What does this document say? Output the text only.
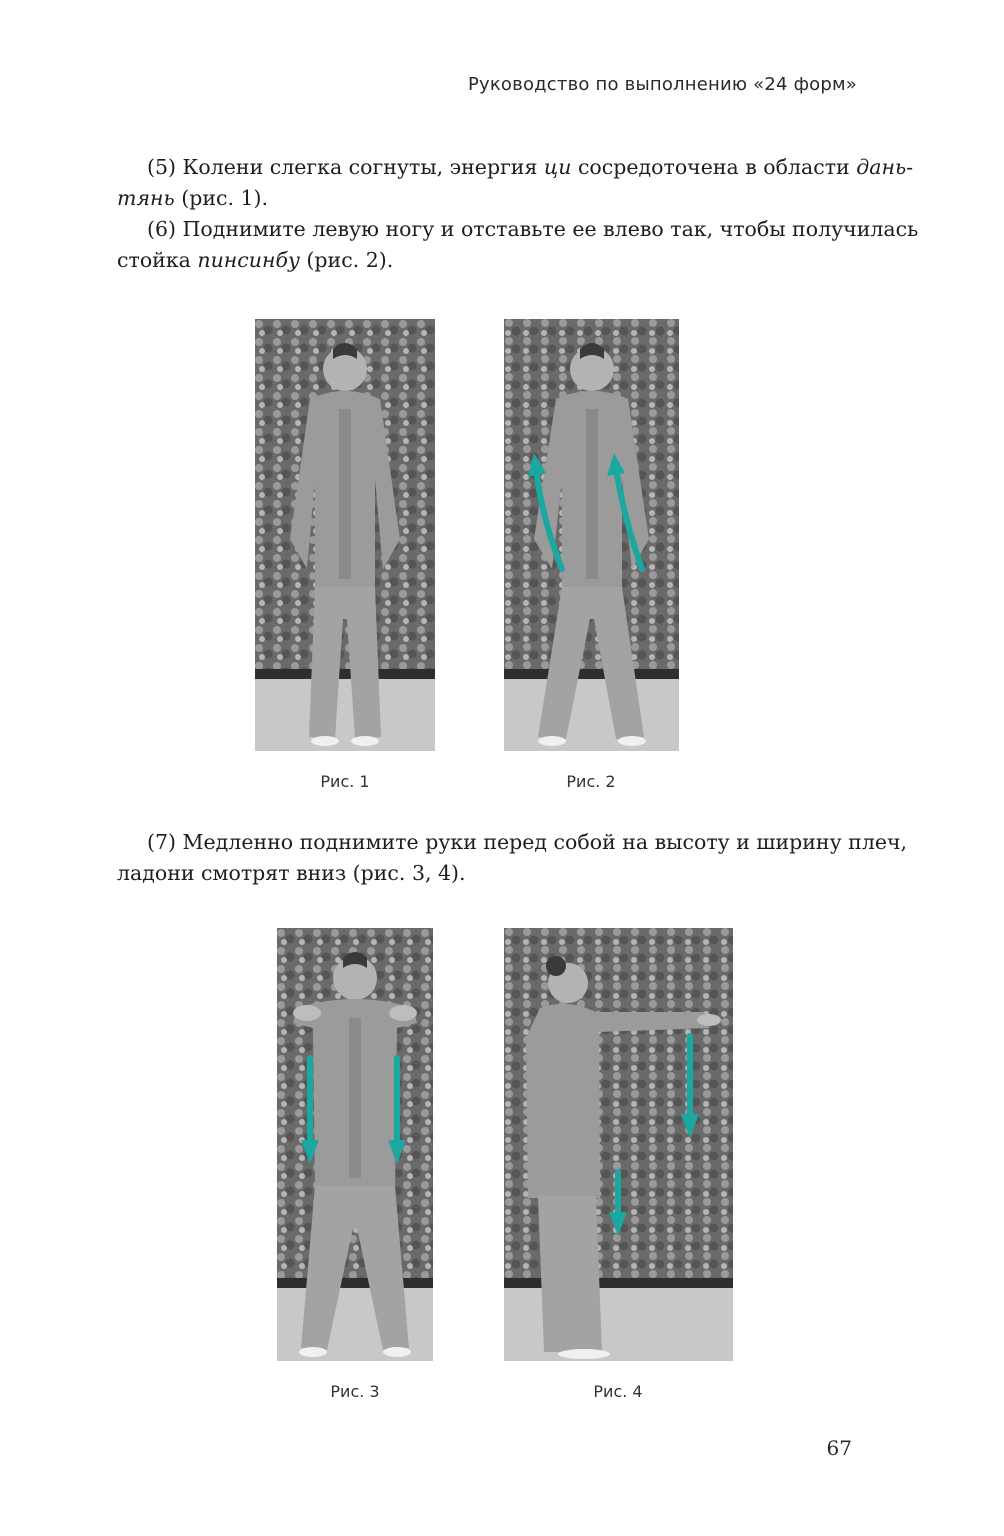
Руководство по выполнению «24 форм»

(5) Колени слегка согнуты, энергия ци сосредоточена в области дань-
тянь (рис. 1).

(6) Поднимите левую ногу и отставьте ее влево так, чтобы получилась
стойка пинсинбу (рис. 2).

Рис. 1	Рис. 2

(7) Медленно поднимите руки перед собой на высоту и ширину плеч,
ладони смотрят вниз (рис. 3, 4).

Рис. 3	Рис. 4
67
